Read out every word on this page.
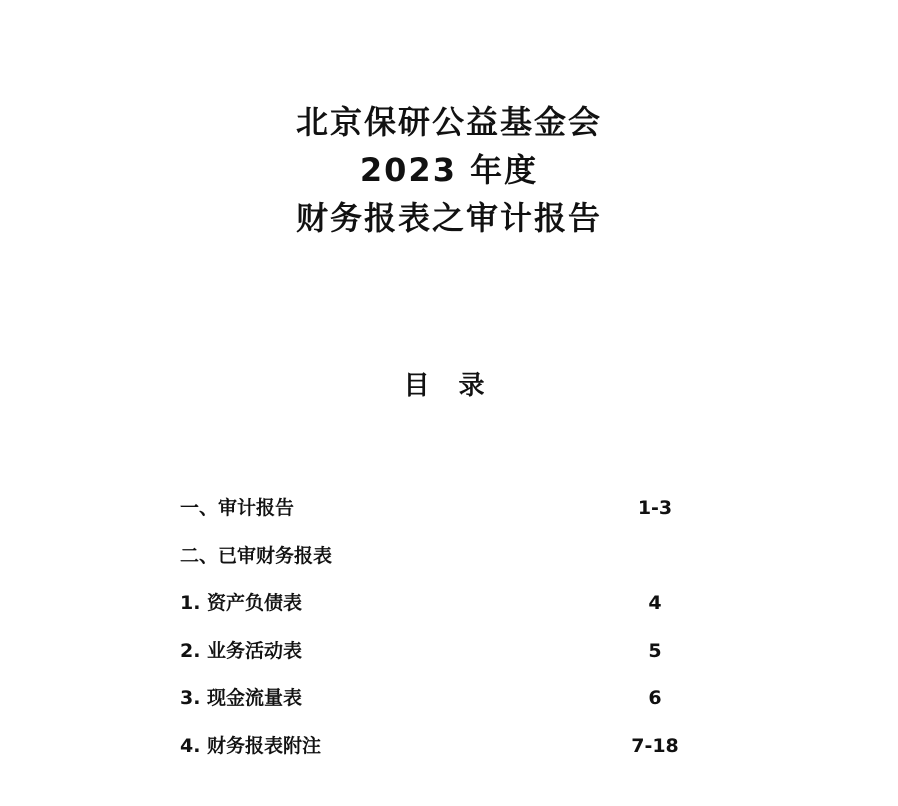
北京保研公益基金会
2023 年度
财务报表之审计报告
目 录
一、审计报告	1-3
二、已审财务报表
1. 资产负债表	4
2. 业务活动表	5
3. 现金流量表	6
4. 财务报表附注	7-18
